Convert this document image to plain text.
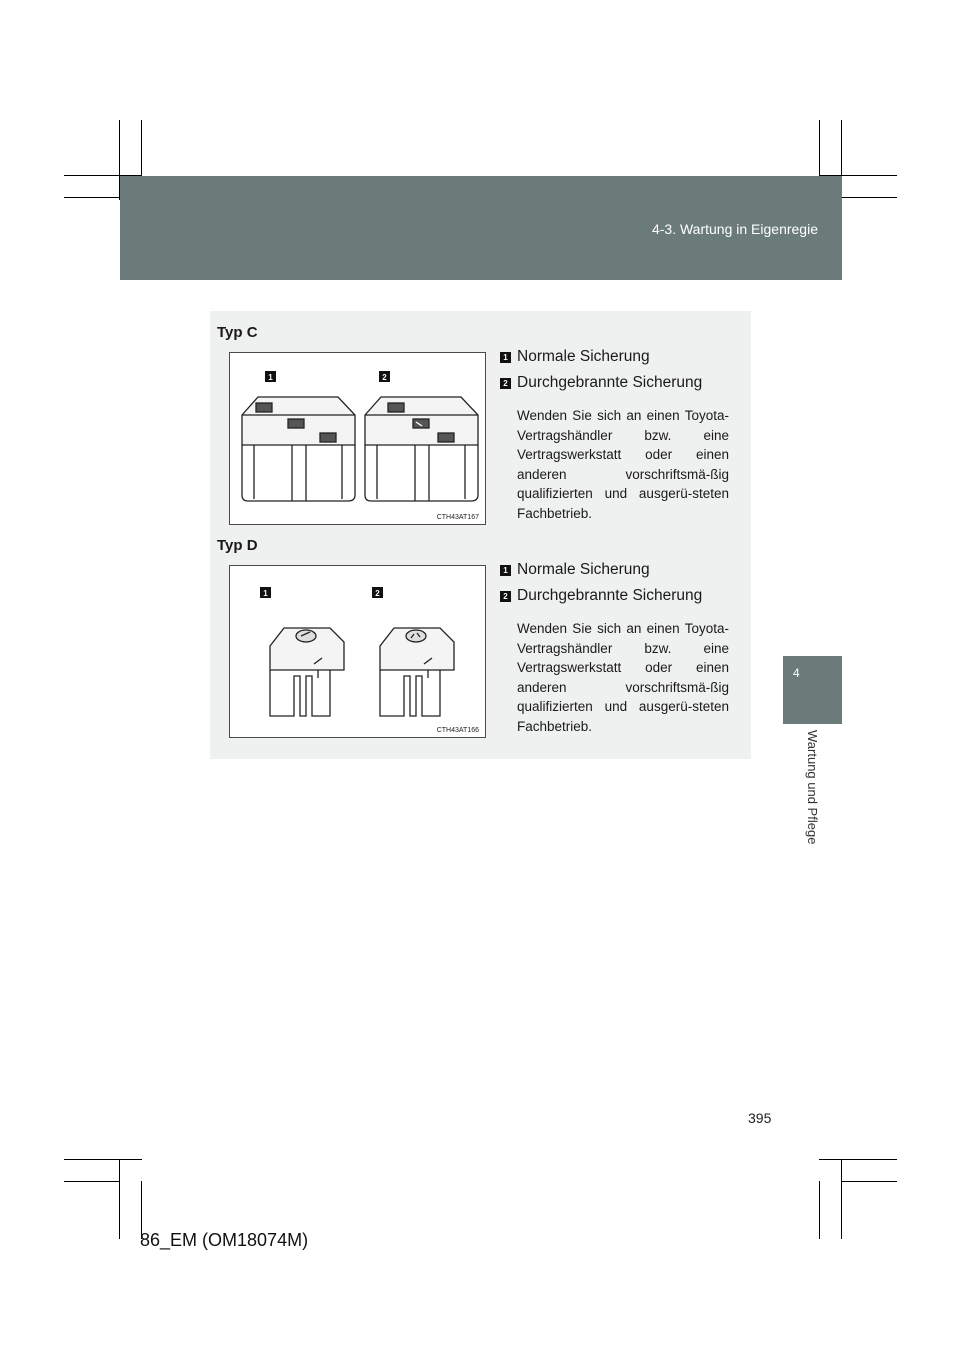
4-3. Wartung in Eigenregie
4
Wartung und Pflege
Typ C
1	2
CTH43AT167
1 Normale Sicherung
2 Durchgebrannte Sicherung
Wenden Sie sich an einen Toyota-Vertragshändler bzw. eine Vertragswerkstatt oder einen anderen vorschriftsmä-ßig qualifizierten und ausgerü-steten Fachbetrieb.
Typ D
1	2
CTH43AT166
1 Normale Sicherung
2 Durchgebrannte Sicherung
Wenden Sie sich an einen Toyota-Vertragshändler bzw. eine Vertragswerkstatt oder einen anderen vorschriftsmä-ßig qualifizierten und ausgerü-steten Fachbetrieb.
395
86_EM (OM18074M)
